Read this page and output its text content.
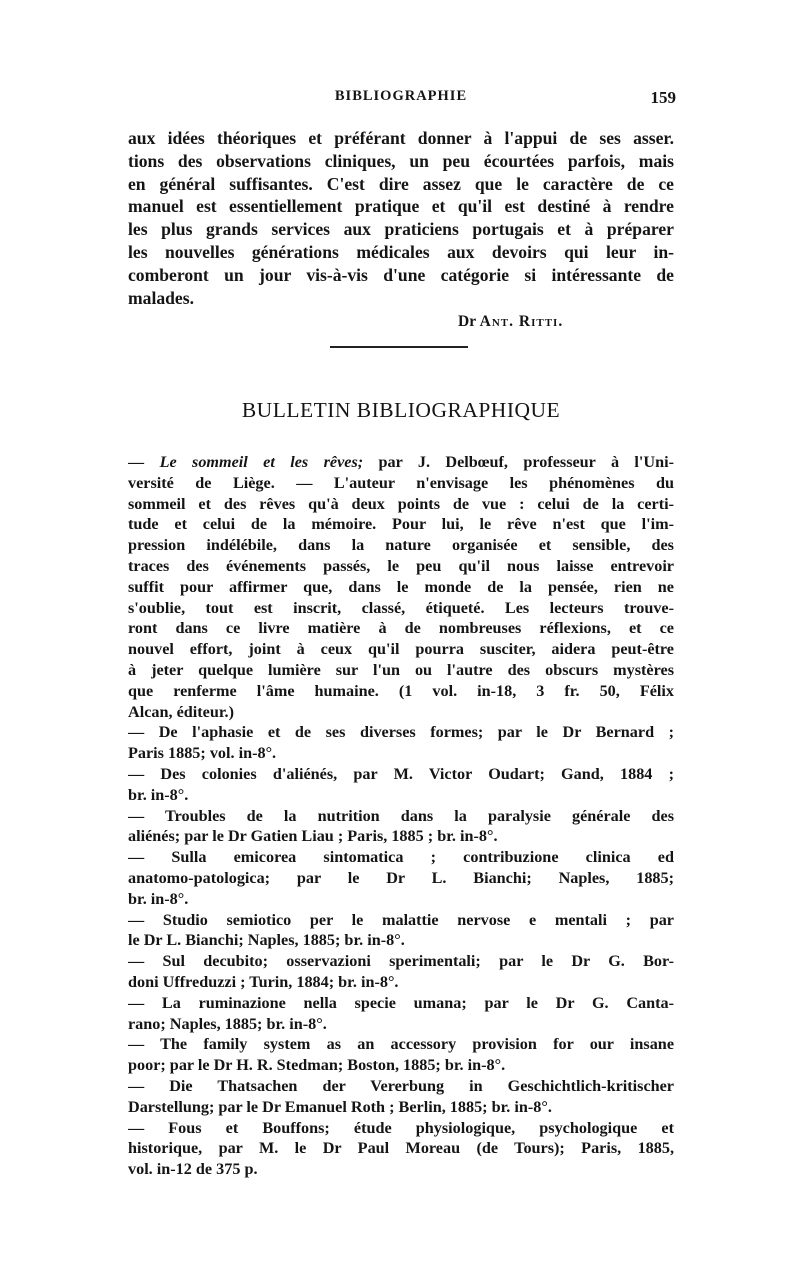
BIBLIOGRAPHIE	159
aux idées théoriques et préférant donner à l'appui de ses asser.
tions des observations cliniques, un peu écourtées parfois, mais
en général suffisantes. C'est dire assez que le caractère de ce
manuel est essentiellement pratique et qu'il est destiné à rendre
les plus grands services aux praticiens portugais et à préparer
les nouvelles générations médicales aux devoirs qui leur in-
comberont un jour vis-à-vis d'une catégorie si intéressante de
malades.
Dr Ant. Ritti.
BULLETIN BIBLIOGRAPHIQUE
— Le sommeil et les rêves; par J. Delbœuf, professeur à l'Uni-
versité de Liège. — L'auteur n'envisage les phénomènes du
sommeil et des rêves qu'à deux points de vue : celui de la certi-
tude et celui de la mémoire. Pour lui, le rêve n'est que l'im-
pression indélébile, dans la nature organisée et sensible, des
traces des événements passés, le peu qu'il nous laisse entrevoir
suffit pour affirmer que, dans le monde de la pensée, rien ne
s'oublie, tout est inscrit, classé, étiqueté. Les lecteurs trouve-
ront dans ce livre matière à de nombreuses réflexions, et ce
nouvel effort, joint à ceux qu'il pourra susciter, aidera peut-être
à jeter quelque lumière sur l'un ou l'autre des obscurs mystères
que renferme l'âme humaine. (1 vol. in-18, 3 fr. 50, Félix
Alcan, éditeur.)
— De l'aphasie et de ses diverses formes; par le Dr Bernard ;
Paris 1885; vol. in-8°.
— Des colonies d'aliénés, par M. Victor Oudart; Gand, 1884 ;
br. in-8°.
— Troubles de la nutrition dans la paralysie générale des
aliénés; par le Dr Gatien Liau ; Paris, 1885 ; br. in-8°.
— Sulla emicorea sintomatica ; contribuzione clinica ed
anatomo-patologica; par le Dr L. Bianchi; Naples, 1885;
br. in-8°.
— Studio semiotico per le malattie nervose e mentali ; par
le Dr L. Bianchi; Naples, 1885; br. in-8°.
— Sul decubito; osservazioni sperimentali; par le Dr G. Bor-
doni Uffreduzzi ; Turin, 1884; br. in-8°.
— La ruminazione nella specie umana; par le Dr G. Canta-
rano; Naples, 1885; br. in-8°.
— The family system as an accessory provision for our insane
poor; par le Dr H. R. Stedman; Boston, 1885; br. in-8°.
— Die Thatsachen der Vererbung in Geschichtlich-kritischer
Darstellung; par le Dr Emanuel Roth ; Berlin, 1885; br. in-8°.
— Fous et Bouffons; étude physiologique, psychologique et
historique, par M. le Dr Paul Moreau (de Tours); Paris, 1885,
vol. in-12 de 375 p.
